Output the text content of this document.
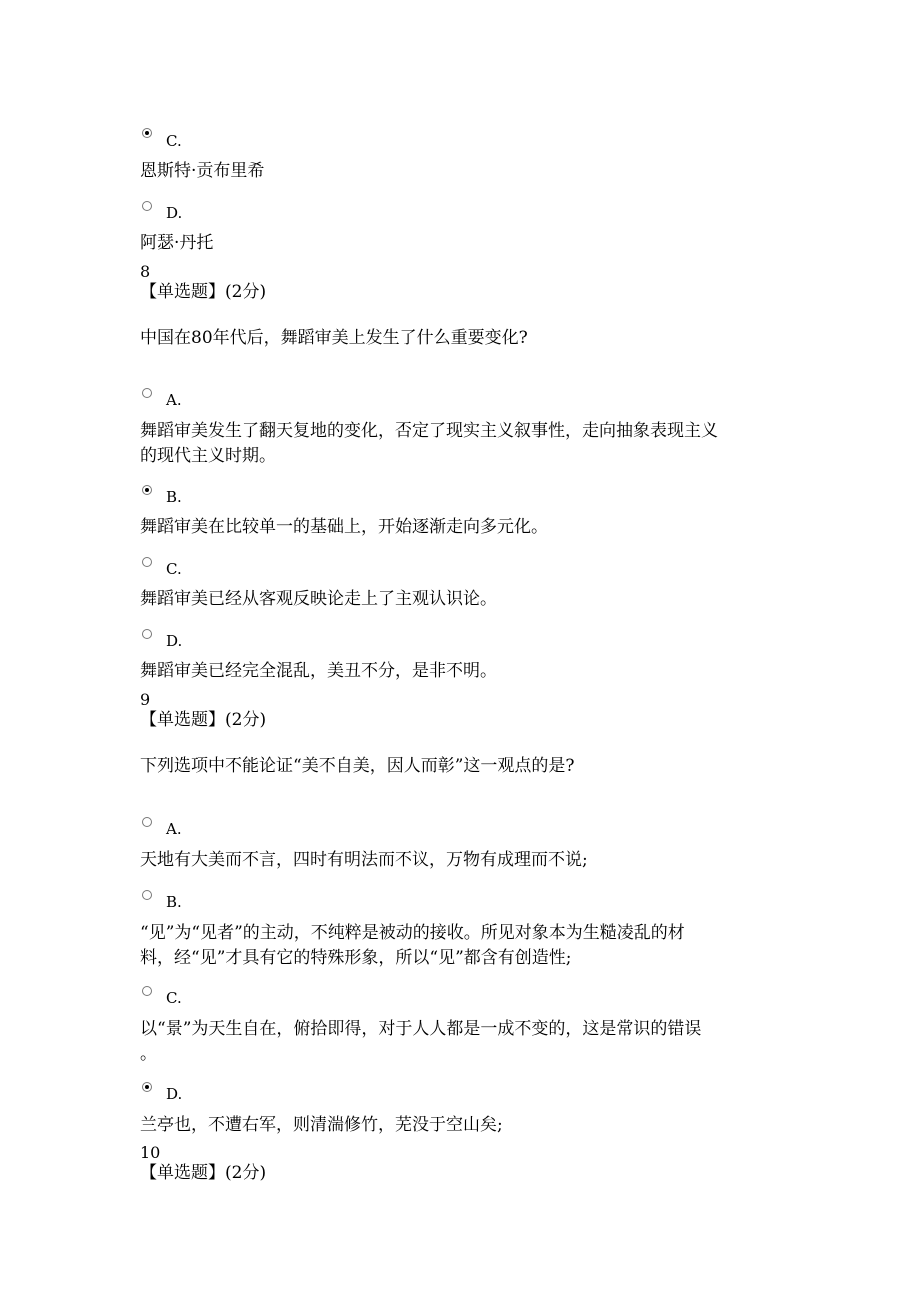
C.
恩斯特·贡布里希
D.
阿瑟·丹托
8
【单选题】(2分)
中国在80年代后，舞蹈审美上发生了什么重要变化?
A.
舞蹈审美发生了翻天复地的变化，否定了现实主义叙事性，走向抽象表现主义
的现代主义时期。
B.
舞蹈审美在比较单一的基础上，开始逐渐走向多元化。
C.
舞蹈审美已经从客观反映论走上了主观认识论。
D.
舞蹈审美已经完全混乱，美丑不分，是非不明。
9
【单选题】(2分)
下列选项中不能论证“美不自美，因人而彰”这一观点的是?
A.
天地有大美而不言，四时有明法而不议，万物有成理而不说;
B.
“见”为“见者”的主动，不纯粹是被动的接收。所见对象本为生糙凌乱的材
料，经“见”才具有它的特殊形象，所以“见”都含有创造性;
C.
以“景”为天生自在，俯拾即得，对于人人都是一成不变的，这是常识的错误
。
D.
兰亭也，不遭右军，则清湍修竹，芜没于空山矣;
10
【单选题】(2分)
